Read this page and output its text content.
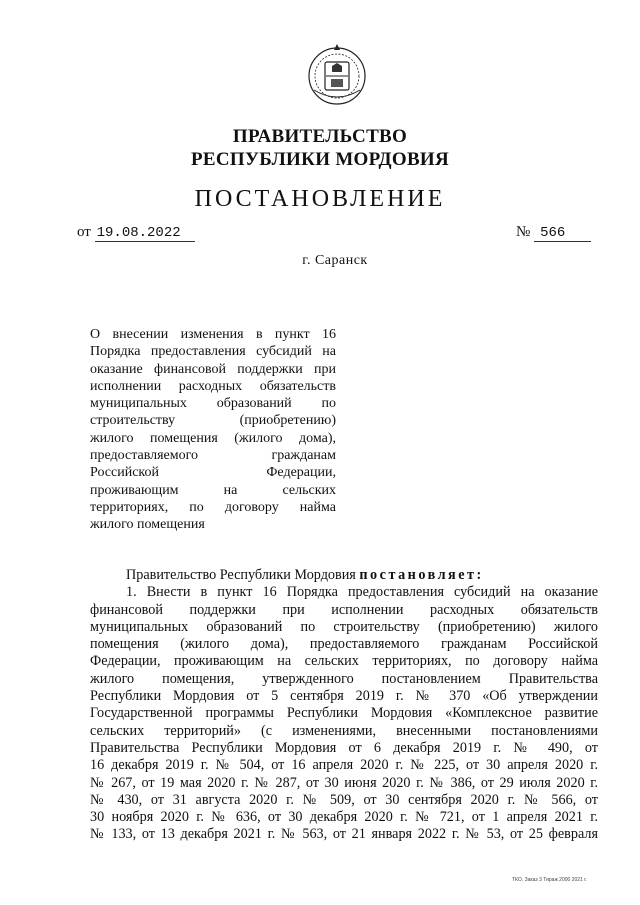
ПРАВИТЕЛЬСТВО
РЕСПУБЛИКИ МОРДОВИЯ
ПОСТАНОВЛЕНИЕ
от 19.08.2022	№ 566
г. Саранск
О внесении изменения в пункт 16
Порядка предоставления субсидий на
оказание финансовой поддержки при
исполнении расходных обязательств
муниципальных образований по
строительству (приобретению)
жилого помещения (жилого дома),
предоставляемого гражданам
Российской Федерации,
проживающим на сельских
территориях, по договору найма
жилого помещения
Правительство Республики Мордовия постановляет:
1. Внести в пункт 16 Порядка предоставления субсидий на оказание
финансовой поддержки при исполнении расходных обязательств
муниципальных образований по строительству (приобретению) жилого
помещения (жилого дома), предоставляемого гражданам Российской
Федерации, проживающим на сельских территориях, по договору найма
жилого помещения, утвержденного постановлением Правительства
Республики Мордовия от 5 сентября 2019 г. № 370 «Об утверждении
Государственной программы Республики Мордовия «Комплексное развитие
сельских территорий» (с изменениями, внесенными постановлениями
Правительства Республики Мордовия от 6 декабря 2019 г. № 490, от
16 декабря 2019 г. № 504, от 16 апреля 2020 г. № 225, от 30 апреля 2020 г.
№ 267, от 19 мая 2020 г. № 287, от 30 июня 2020 г. № 386, от 29 июля 2020 г.
№ 430, от 31 августа 2020 г. № 509, от 30 сентября 2020 г. № 566, от
30 ноября 2020 г. № 636, от 30 декабря 2020 г. № 721, от 1 апреля 2021 г.
№ 133, от 13 декабря 2021 г. № 563, от 21 января 2022 г. № 53, от 25 февраля
ТКО. Заказ 3 Тираж 2000 2021 г.
